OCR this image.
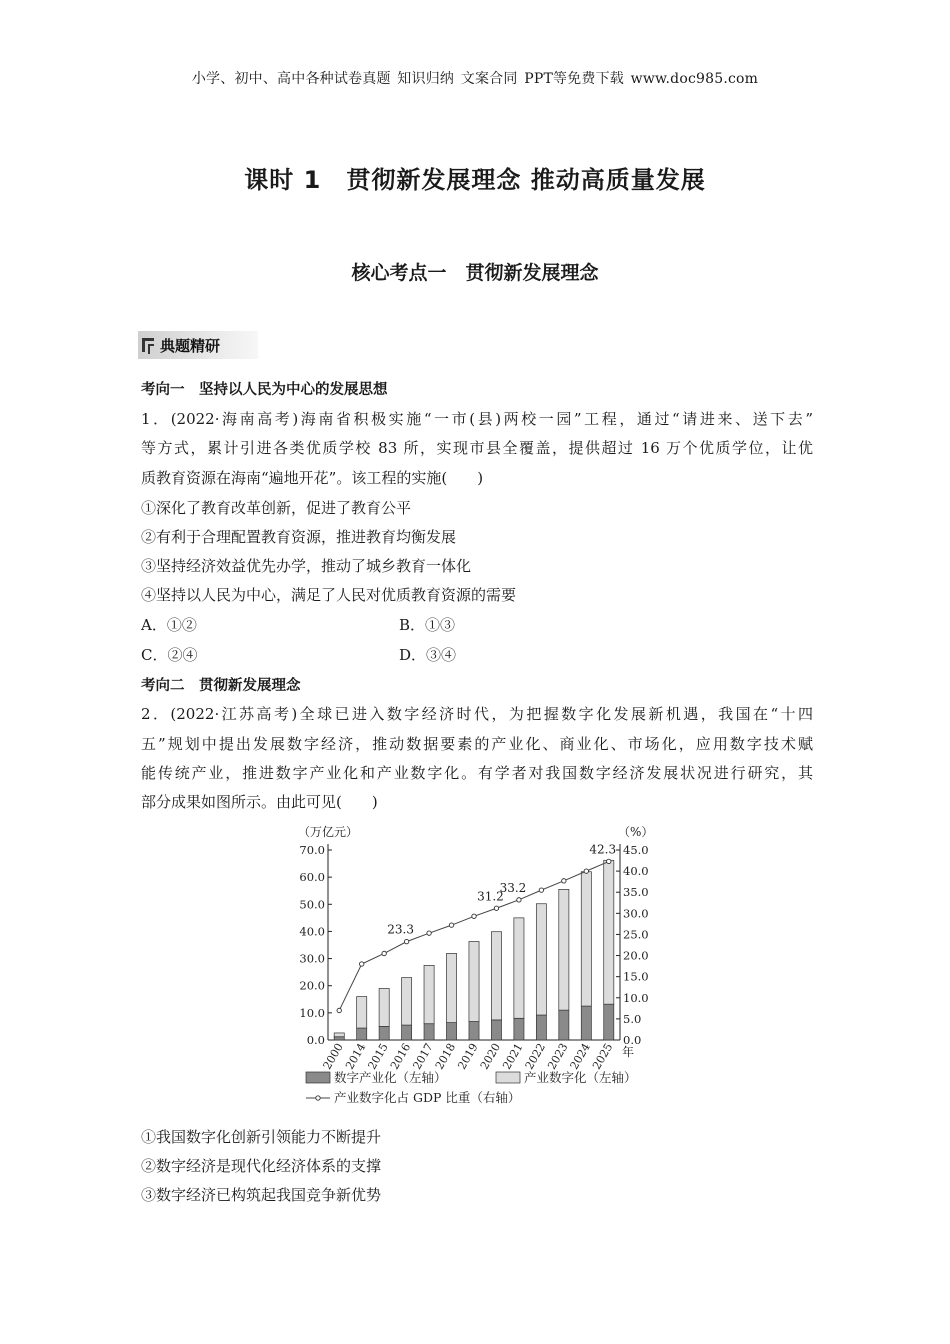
小学、初中、高中各种试卷真题 知识归纳 文案合同 PPT等免费下载 www.doc985.com
课时 1　贯彻新发展理念 推动高质量发展
核心考点一　贯彻新发展理念
典题精研
考向一　坚持以人民为中心的发展思想
1．(2022·海南高考)海南省积极实施“一市(县)两校一园”工程，通过“请进来、送下去”
等方式，累计引进各类优质学校 83 所，实现市县全覆盖，提供超过 16 万个优质学位，让优
质教育资源在海南“遍地开花”。该工程的实施(　　)
①深化了教育改革创新，促进了教育公平
②有利于合理配置教育资源，推进教育均衡发展
③坚持经济效益优先办学，推动了城乡教育一体化
④坚持以人民为中心，满足了人民对优质教育资源的需要
A．①②	B．①③
C．②④	D．③④
考向二　贯彻新发展理念
2．(2022·江苏高考)全球已进入数字经济时代，为把握数字化发展新机遇，我国在“十四
五”规划中提出发展数字经济，推动数据要素的产业化、商业化、市场化，应用数字技术赋
能传统产业，推进数字产业化和产业数字化。有学者对我国数字经济发展状况进行研究，其
部分成果如图所示。由此可见(　　)
（万亿元）	（%）
0.0
10.0
20.0
30.0
40.0
50.0
60.0
70.0
0.0
5.0
10.0
15.0
20.0
25.0
30.0
35.0
40.0
45.0
2000
2014
2015
2016
2017
2018
2019
2020
2021
2022
2023
2024
2025 年
23.3
31.2
33.2
42.3
数字产业化（左轴）	产业数字化（左轴）
产业数字化占 GDP 比重（右轴）
①我国数字化创新引领能力不断提升
②数字经济是现代化经济体系的支撑
③数字经济已构筑起我国竞争新优势
